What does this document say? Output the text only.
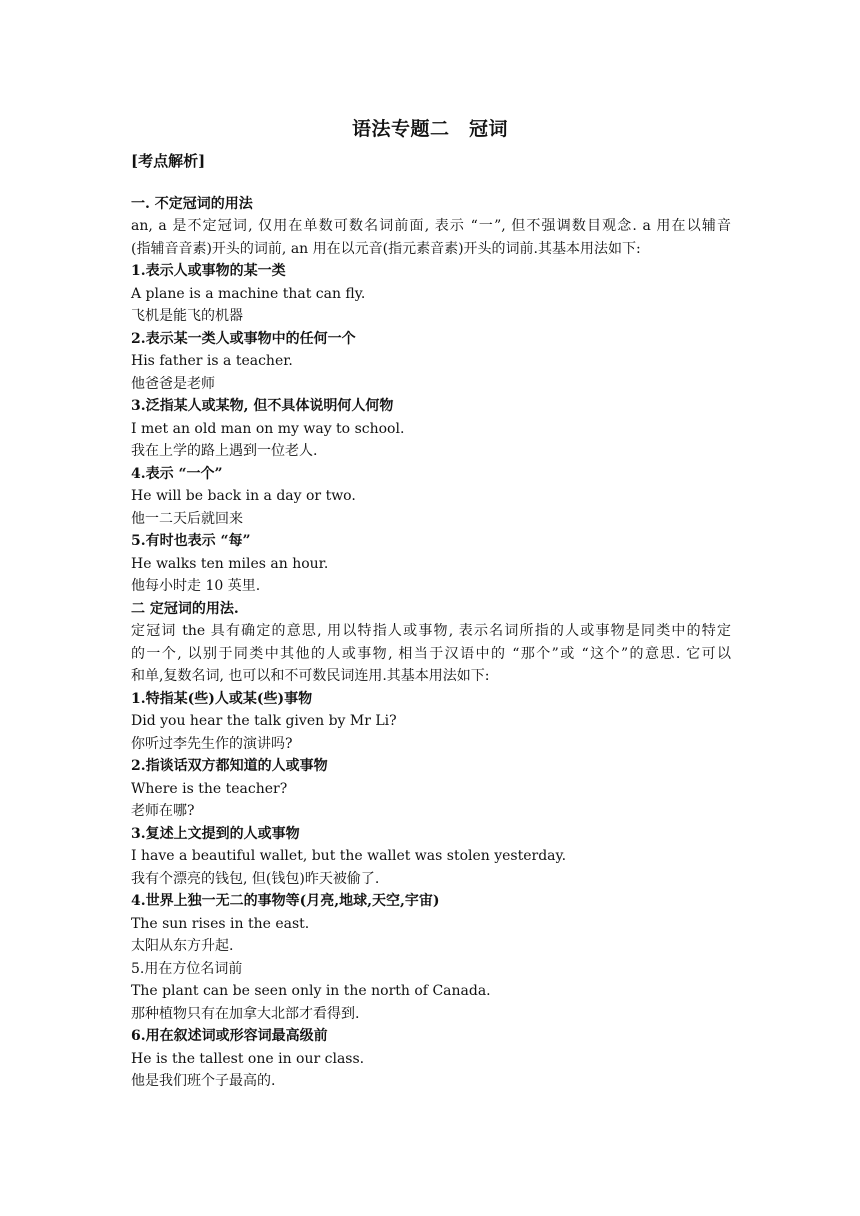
语法专题二　冠词
[考点解析]
一. 不定冠词的用法
an, a 是不定冠词, 仅用在单数可数名词前面, 表示 “一”, 但不强调数目观念. a 用在以辅音
(指辅音音素)开头的词前, an 用在以元音(指元素音素)开头的词前.其基本用法如下:
1.表示人或事物的某一类
A plane is a machine that can fly.
飞机是能飞的机器
2.表示某一类人或事物中的任何一个
His father is a teacher.
他爸爸是老师
3.泛指某人或某物, 但不具体说明何人何物
I met an old man on my way to school.
我在上学的路上遇到一位老人.
4.表示 “一个”
He will be back in a day or two.
他一二天后就回来
5.有时也表示 “每”
He walks ten miles an hour.
他每小时走 10 英里.
二 定冠词的用法.
定冠词 the 具有确定的意思, 用以特指人或事物, 表示名词所指的人或事物是同类中的特定
的一个, 以别于同类中其他的人或事物, 相当于汉语中的 “那个”或 “这个”的意思. 它可以
和单,复数名词, 也可以和不可数民词连用.其基本用法如下:
1.特指某(些)人或某(些)事物
Did you hear the talk given by Mr Li?
你听过李先生作的演讲吗?
2.指谈话双方都知道的人或事物
Where is the teacher?
老师在哪?
3.复述上文提到的人或事物
I have a beautiful wallet, but the wallet was stolen yesterday.
我有个漂亮的钱包, 但(钱包)昨天被偷了.
4.世界上独一无二的事物等(月亮,地球,天空,宇宙)
The sun rises in the east.
太阳从东方升起.
5.用在方位名词前
The plant can be seen only in the north of Canada.
那种植物只有在加拿大北部才看得到.
6.用在叙述词或形容词最高级前
He is the tallest one in our class.
他是我们班个子最高的.
